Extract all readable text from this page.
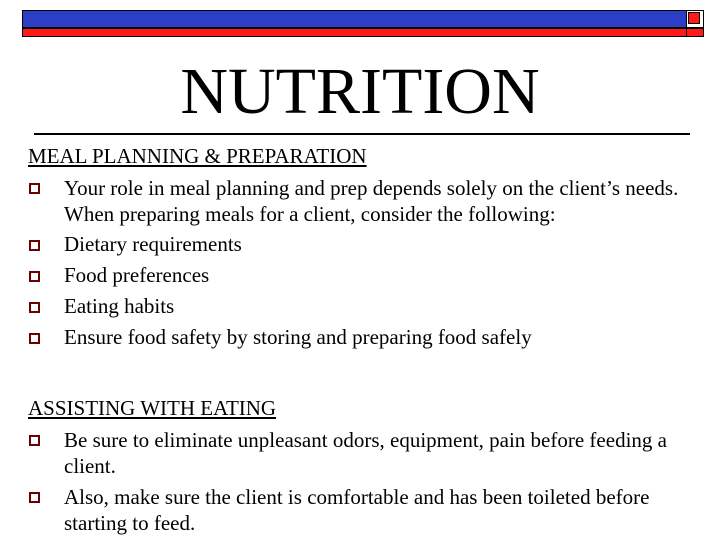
NUTRITION
MEAL PLANNING & PREPARATION
Your role in meal planning and prep depends solely on the client’s needs. When preparing meals for a client, consider the following:
Dietary requirements
Food preferences
Eating habits
Ensure food safety by storing and preparing food safely
ASSISTING WITH EATING
Be sure to eliminate unpleasant odors, equipment, pain before feeding a client.
Also, make sure the client is comfortable and has been toileted before starting to feed.
